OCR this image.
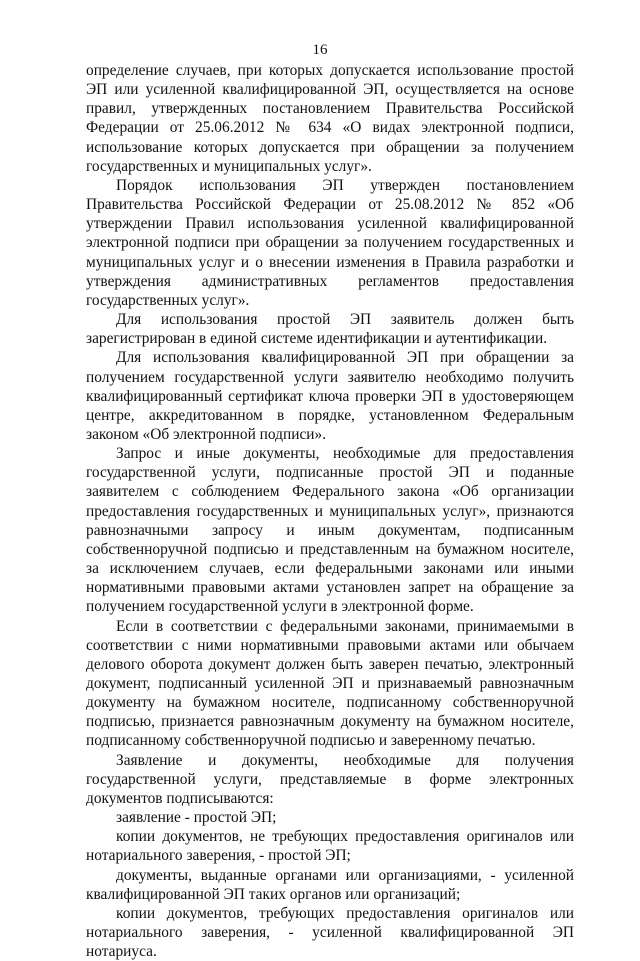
16

определение случаев, при которых допускается использование простой ЭП или усиленной квалифицированной ЭП, осуществляется на основе правил, утвержденных постановлением Правительства Российской Федерации от 25.06.2012 № 634 «О видах электронной подписи, использование которых допускается при обращении за получением государственных и муниципальных услуг».

Порядок использования ЭП утвержден постановлением Правительства Российской Федерации от 25.08.2012 № 852 «Об утверждении Правил использования усиленной квалифицированной электронной подписи при обращении за получением государственных и муниципальных услуг и о внесении изменения в Правила разработки и утверждения административных регламентов предоставления государственных услуг».

Для использования простой ЭП заявитель должен быть зарегистрирован в единой системе идентификации и аутентификации.

Для использования квалифицированной ЭП при обращении за получением государственной услуги заявителю необходимо получить квалифицированный сертификат ключа проверки ЭП в удостоверяющем центре, аккредитованном в порядке, установленном Федеральным законом «Об электронной подписи».

Запрос и иные документы, необходимые для предоставления государственной услуги, подписанные простой ЭП и поданные заявителем с соблюдением Федерального закона «Об организации предоставления государственных и муниципальных услуг», признаются равнозначными запросу и иным документам, подписанным собственноручной подписью и представленным на бумажном носителе, за исключением случаев, если федеральными законами или иными нормативными правовыми актами установлен запрет на обращение за получением государственной услуги в электронной форме.

Если в соответствии с федеральными законами, принимаемыми в соответствии с ними нормативными правовыми актами или обычаем делового оборота документ должен быть заверен печатью, электронный документ, подписанный усиленной ЭП и признаваемый равнозначным документу на бумажном носителе, подписанному собственноручной подписью, признается равнозначным документу на бумажном носителе, подписанному собственноручной подписью и заверенному печатью.

Заявление и документы, необходимые для получения государственной услуги, представляемые в форме электронных документов подписываются:

заявление - простой ЭП;

копии документов, не требующих предоставления оригиналов или нотариального заверения, - простой ЭП;

документы, выданные органами или организациями, - усиленной квалифицированной ЭП таких органов или организаций;

копии документов, требующих предоставления оригиналов или нотариального заверения, - усиленной квалифицированной ЭП нотариуса.
